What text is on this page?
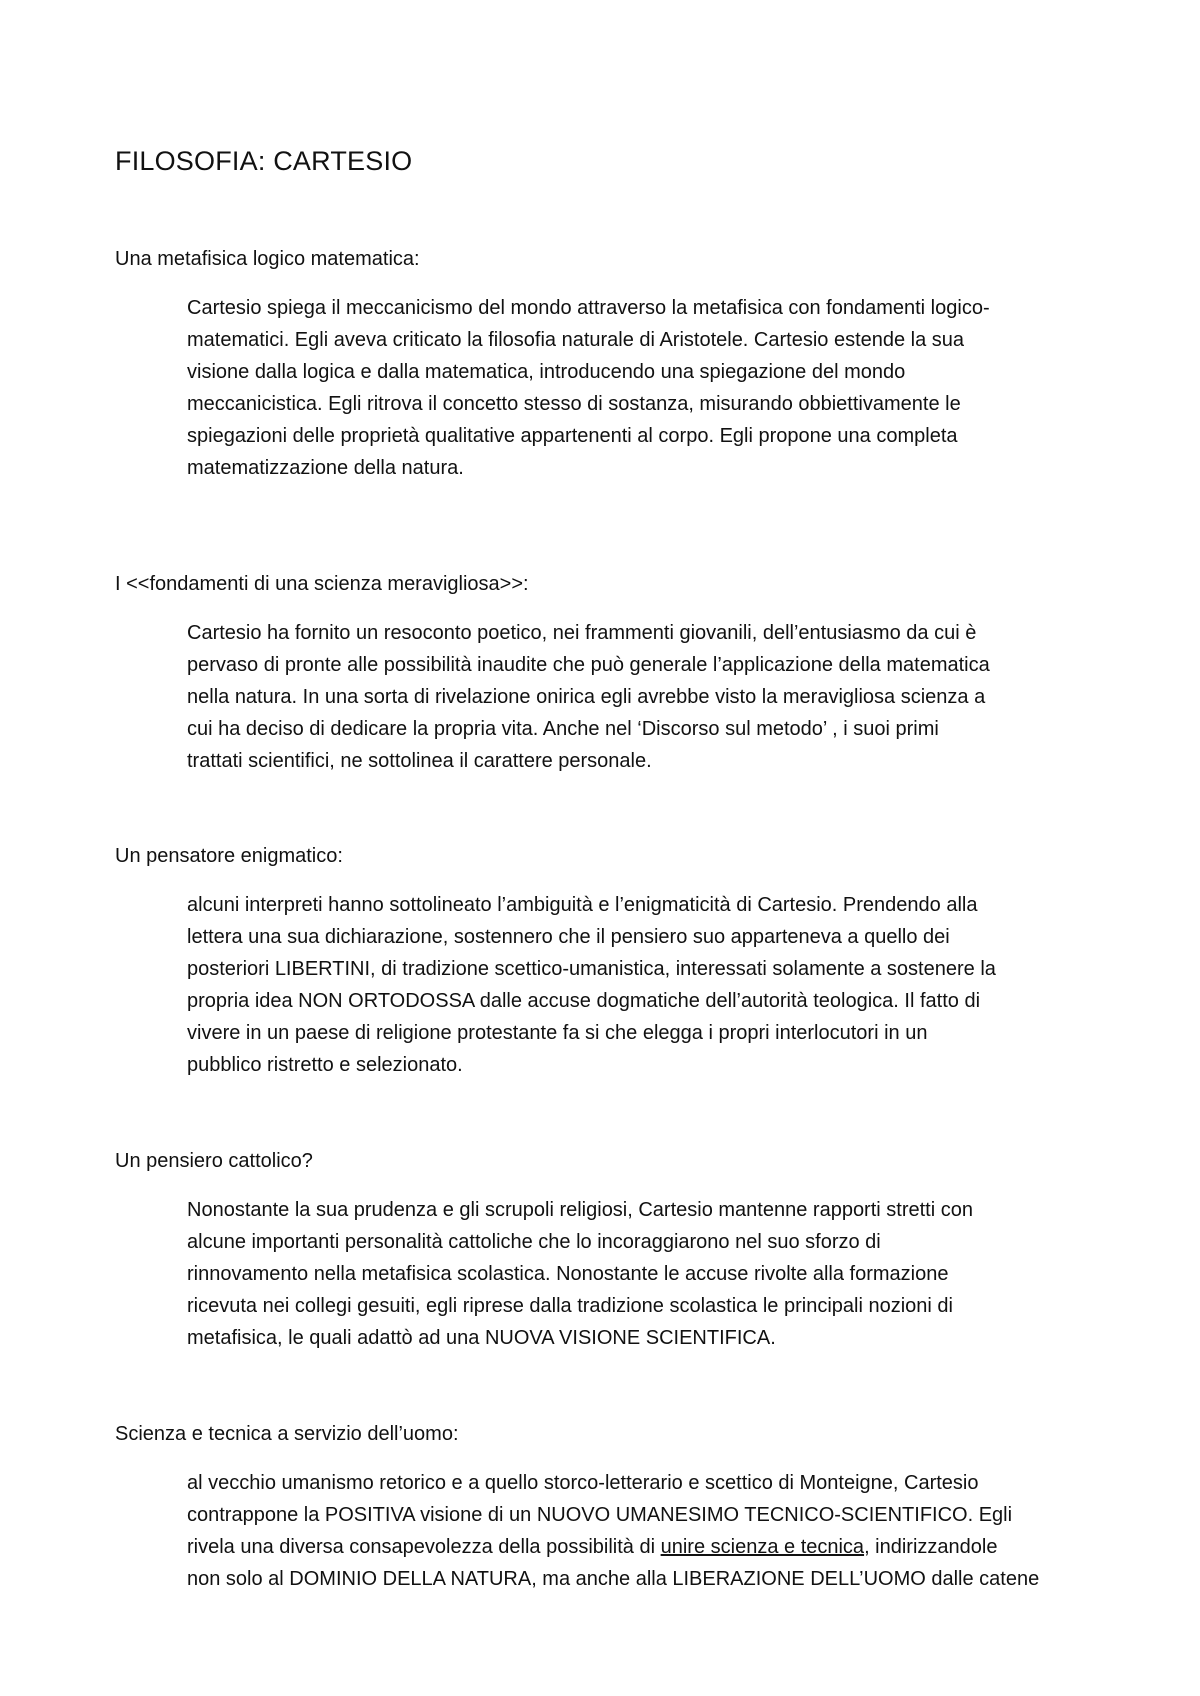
FILOSOFIA: CARTESIO

Una metafisica logico matematica:

Cartesio spiega il meccanicismo del mondo attraverso la metafisica con fondamenti logico-
matematici. Egli aveva criticato la filosofia naturale di Aristotele. Cartesio estende la sua
visione dalla logica e dalla matematica, introducendo una spiegazione del mondo
meccanicistica. Egli ritrova il concetto stesso di sostanza, misurando obbiettivamente le
spiegazioni delle proprietà qualitative appartenenti al corpo. Egli propone una completa
matematizzazione della natura.

I <<fondamenti di una scienza meravigliosa>>:

Cartesio ha fornito un resoconto poetico, nei frammenti giovanili, dell’entusiasmo da cui è
pervaso di pronte alle possibilità inaudite che può generale l’applicazione della matematica
nella natura. In una sorta di rivelazione onirica egli avrebbe visto la meravigliosa scienza a
cui ha deciso di dedicare la propria vita. Anche nel ‘Discorso sul metodo’ , i suoi primi
trattati scientifici, ne sottolinea il carattere personale.

Un pensatore enigmatico:

alcuni interpreti hanno sottolineato l’ambiguità e l’enigmaticità di Cartesio. Prendendo alla
lettera una sua dichiarazione, sostennero che il pensiero suo apparteneva a quello dei
posteriori LIBERTINI, di tradizione scettico-umanistica, interessati solamente a sostenere la
propria idea NON ORTODOSSA dalle accuse dogmatiche dell’autorità teologica. Il fatto di
vivere in un paese di religione protestante fa si che elegga i propri interlocutori in un
pubblico ristretto e selezionato.

Un pensiero cattolico?

Nonostante la sua prudenza e gli scrupoli religiosi, Cartesio mantenne rapporti stretti con
alcune importanti personalità cattoliche che lo incoraggiarono nel suo sforzo di
rinnovamento nella metafisica scolastica. Nonostante le accuse rivolte alla formazione
ricevuta nei collegi gesuiti, egli riprese dalla tradizione scolastica le principali nozioni di
metafisica, le quali adattò ad una NUOVA VISIONE SCIENTIFICA.

Scienza e tecnica a servizio dell’uomo:

al vecchio umanismo retorico e a quello storco-letterario e scettico di Monteigne, Cartesio
contrappone la POSITIVA visione di un NUOVO UMANESIMO TECNICO-SCIENTIFICO. Egli
rivela una diversa consapevolezza della possibilità di unire scienza e tecnica, indirizzandole
non solo al DOMINIO DELLA NATURA, ma anche alla LIBERAZIONE DELL’UOMO dalle catene
